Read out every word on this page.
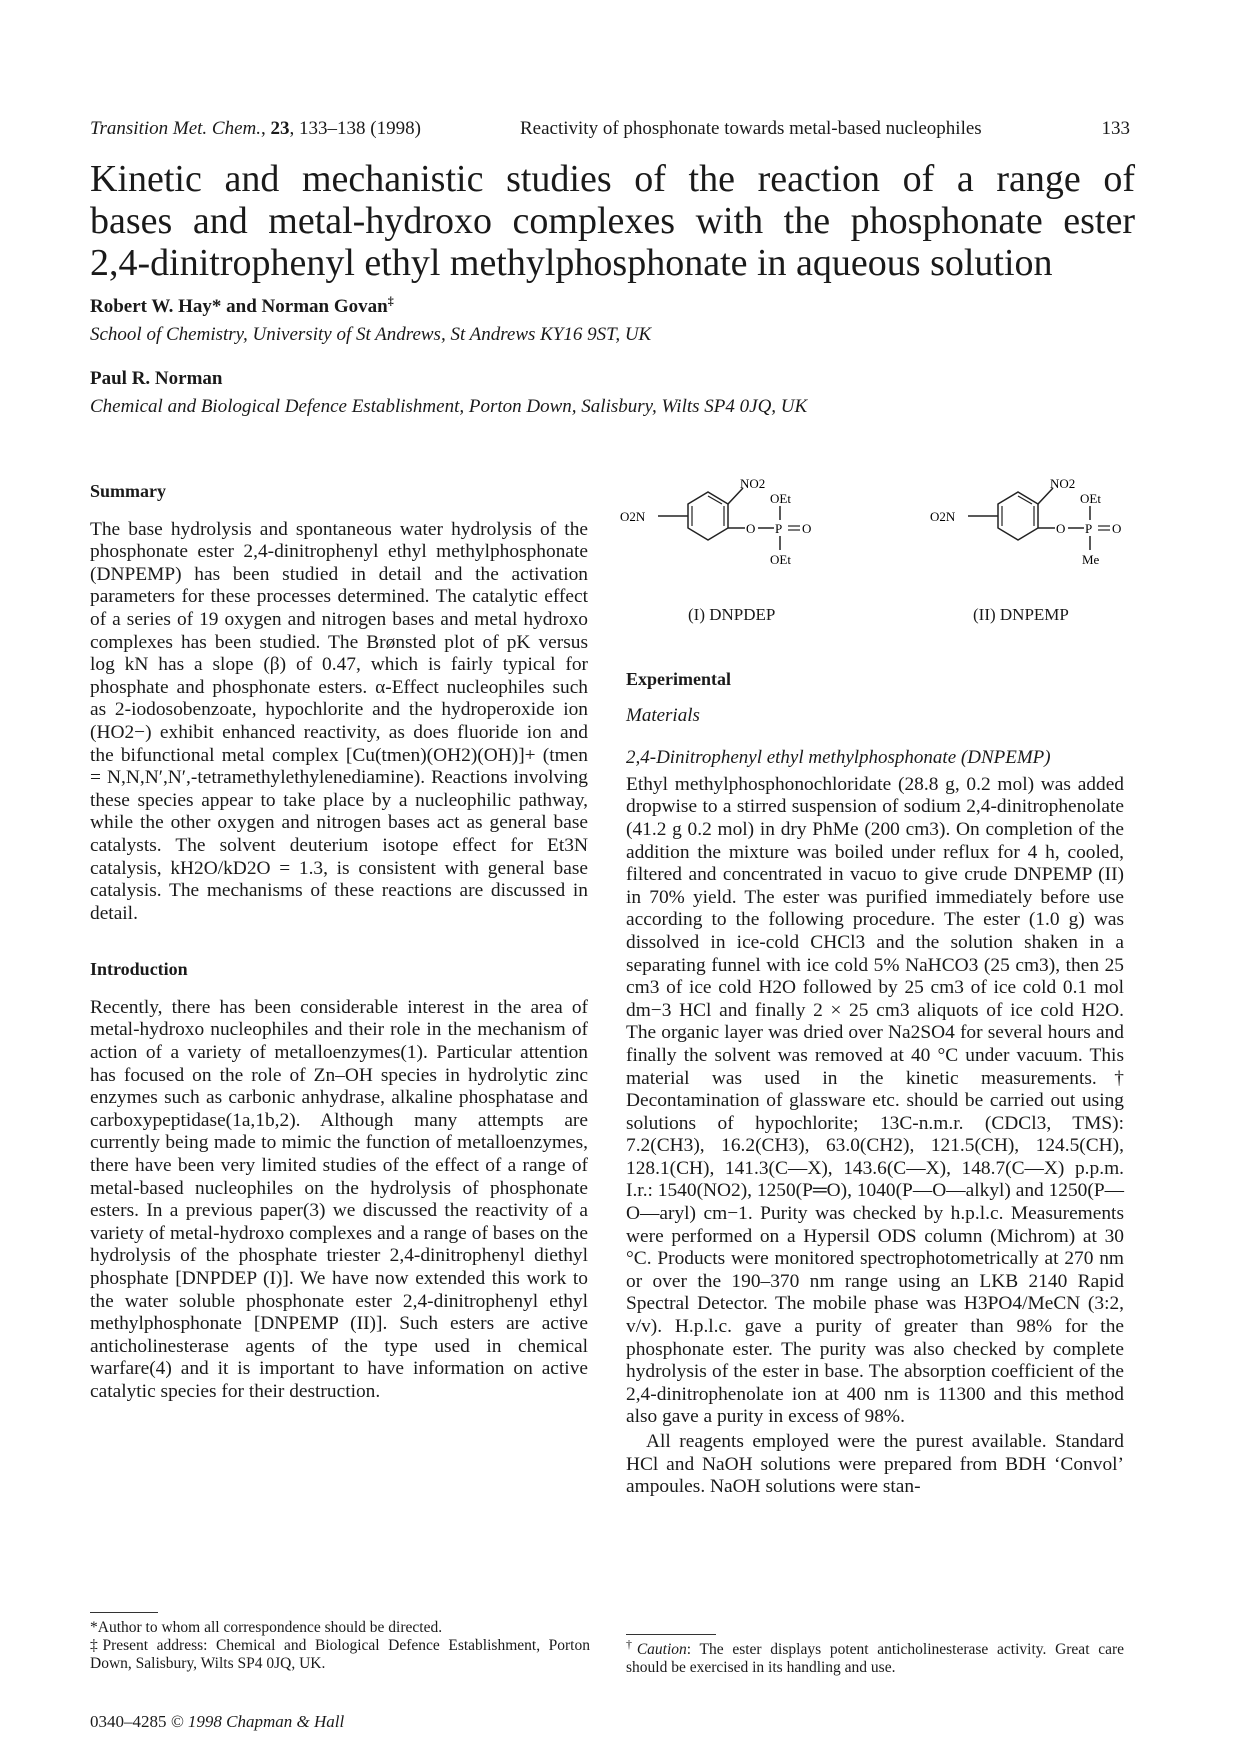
Transition Met. Chem., 23, 133–138 (1998)	Reactivity of phosphonate towards metal-based nucleophiles	133
Kinetic and mechanistic studies of the reaction of a range of
bases and metal-hydroxo complexes with the phosphonate ester
2,4-dinitrophenyl ethyl methylphosphonate in aqueous solution
Robert W. Hay* and Norman Govan‡
School of Chemistry, University of St Andrews, St Andrews KY16 9ST, UK
Paul R. Norman
Chemical and Biological Defence Establishment, Porton Down, Salisbury, Wilts SP4 0JQ, UK

Summary

The base hydrolysis and spontaneous water hydrolysis of the phosphonate ester 2,4-dinitrophenyl ethyl methylphosphonate (DNPEMP) has been studied in detail and the activation parameters for these processes determined. The catalytic effect of a series of 19 oxygen and nitrogen bases and metal hydroxo complexes has been studied. The Brønsted plot of pK versus log kN has a slope (β) of 0.47, which is fairly typical for phosphate and phosphonate esters. α-Effect nucleophiles such as 2-iodosobenzoate, hypochlorite and the hydroperoxide ion (HO2−) exhibit enhanced reactivity, as does fluoride ion and the bifunctional metal complex [Cu(tmen)(OH2)(OH)]+ (tmen = N,N,N′,N′,-tetramethylethylenediamine). Reactions involving these species appear to take place by a nucleophilic pathway, while the other oxygen and nitrogen bases act as general base catalysts. The solvent deuterium isotope effect for Et3N catalysis, kH2O/kD2O = 1.3, is consistent with general base catalysis. The mechanisms of these reactions are discussed in detail.

Introduction

Recently, there has been considerable interest in the area of metal-hydroxo nucleophiles and their role in the mechanism of action of a variety of metalloenzymes(1). Particular attention has focused on the role of Zn–OH species in hydrolytic zinc enzymes such as carbonic anhydrase, alkaline phosphatase and carboxypeptidase(1a,1b,2). Although many attempts are currently being made to mimic the function of metalloenzymes, there have been very limited studies of the effect of a range of metal-based nucleophiles on the hydrolysis of phosphonate esters. In a previous paper(3) we discussed the reactivity of a variety of metal-hydroxo complexes and a range of bases on the hydrolysis of the phosphate triester 2,4-dinitrophenyl diethyl phosphate [DNPDEP (I)]. We have now extended this work to the water soluble phosphonate ester 2,4-dinitrophenyl ethyl methylphosphonate [DNPEMP (II)]. Such esters are active anticholinesterase agents of the type used in chemical warfare(4) and it is important to have information on active catalytic species for their destruction.

O2N
NO2
O P O
OEt
OEt
(I) DNPDEP
O2N
NO2
O P O
OEt
Me
(II) DNPEMP

Experimental

Materials

2,4-Dinitrophenyl ethyl methylphosphonate (DNPEMP)

Ethyl methylphosphonochloridate (28.8 g, 0.2 mol) was added dropwise to a stirred suspension of sodium 2,4-dinitrophenolate (41.2 g 0.2 mol) in dry PhMe (200 cm3). On completion of the addition the mixture was boiled under reflux for 4 h, cooled, filtered and concentrated in vacuo to give crude DNPEMP (II) in 70% yield. The ester was purified immediately before use according to the following procedure. The ester (1.0 g) was dissolved in ice-cold CHCl3 and the solution shaken in a separating funnel with ice cold 5% NaHCO3 (25 cm3), then 25 cm3 of ice cold H2O followed by 25 cm3 of ice cold 0.1 mol dm−3 HCl and finally 2 × 25 cm3 aliquots of ice cold H2O. The organic layer was dried over Na2SO4 for several hours and finally the solvent was removed at 40 °C under vacuum. This material was used in the kinetic measurements.† Decontamination of glassware etc. should be carried out using solutions of hypochlorite; 13C-n.m.r. (CDCl3, TMS): 7.2(CH3), 16.2(CH3), 63.0(CH2), 121.5(CH), 124.5(CH), 128.1(CH), 141.3(C—X), 143.6(C—X), 148.7(C—X) p.p.m. I.r.: 1540(NO2), 1250(P═O), 1040(P—O—alkyl) and 1250(P—O—aryl) cm−1. Purity was checked by h.p.l.c. Measurements were performed on a Hypersil ODS column (Michrom) at 30 °C. Products were monitored spectrophotometrically at 270 nm or over the 190–370 nm range using an LKB 2140 Rapid Spectral Detector. The mobile phase was H3PO4/MeCN (3:2, v/v). H.p.l.c. gave a purity of greater than 98% for the phosphonate ester. The purity was also checked by complete hydrolysis of the ester in base. The absorption coefficient of the 2,4-dinitrophenolate ion at 400 nm is 11300 and this method also gave a purity in excess of 98%.

All reagents employed were the purest available. Standard HCl and NaOH solutions were prepared from BDH ‘Convol’ ampoules. NaOH solutions were stan-

*Author to whom all correspondence should be directed.

‡Present address: Chemical and Biological Defence Establishment, Porton Down, Salisbury, Wilts SP4 0JQ, UK.

†Caution: The ester displays potent anticholinesterase activity. Great care should be exercised in its handling and use.

0340–4285 © 1998 Chapman & Hall
